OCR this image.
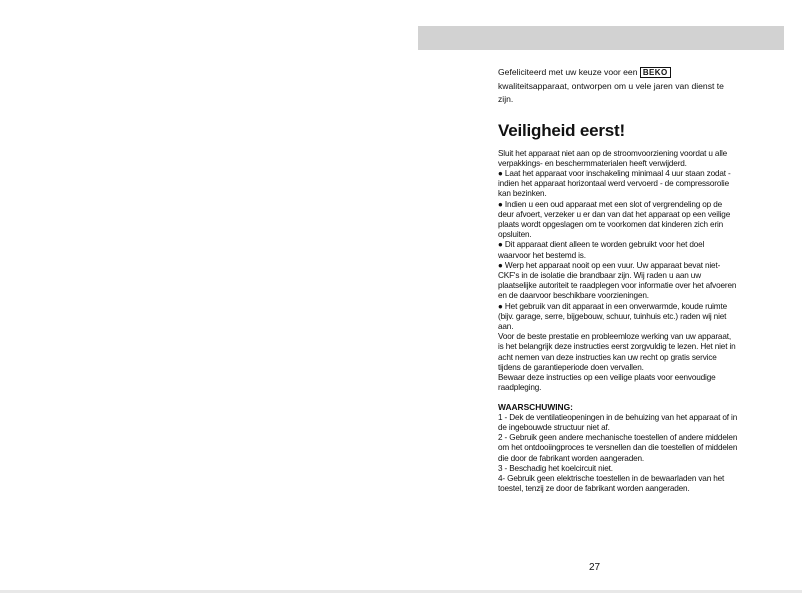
Gefeliciteerd met uw keuze voor een BEKO
kwaliteitsapparaat, ontworpen om u vele jaren van dienst te zijn.

Veiligheid eerst!

Sluit het apparaat niet aan op de stroomvoorziening voordat u alle verpakkings- en beschermmaterialen heeft verwijderd.

● Laat het apparaat voor inschakeling minimaal 4 uur staan zodat - indien het apparaat horizontaal werd vervoerd - de compressorolie kan bezinken.

● Indien u een oud apparaat met een slot of vergrendeling op de deur afvoert, verzeker u er dan van dat het apparaat op een veilige plaats wordt opgeslagen om te voorkomen dat kinderen zich erin opsluiten.

● Dit apparaat dient alleen te worden gebruikt voor het doel waarvoor het bestemd is.

● Werp het apparaat nooit op een vuur. Uw apparaat bevat niet-CKF's in de isolatie die brandbaar zijn. Wij raden u aan uw plaatselijke autoriteit te raadplegen voor informatie over het afvoeren en de daarvoor beschikbare voorzieningen.

● Het gebruik van dit apparaat in een onverwarmde, koude ruimte (bijv. garage, serre, bijgebouw, schuur, tuinhuis etc.) raden wij niet aan.

Voor de beste prestatie en probleemloze werking van uw apparaat, is het belangrijk deze instructies eerst zorgvuldig te lezen. Het niet in acht nemen van deze instructies kan uw recht op gratis service tijdens de garantieperiode doen vervallen.

Bewaar deze instructies op een veilige plaats voor eenvoudige raadpleging.

WAARSCHUWING:

1 - Dek de ventilatieopeningen in de behuizing van het apparaat of in de ingebouwde structuur niet af.

2 - Gebruik geen andere mechanische toestellen of andere middelen om het ontdooiingproces te versnellen dan die toestellen of middelen die door de fabrikant worden aangeraden.

3 - Beschadig het koelcircuit niet.

4- Gebruik geen elektrische toestellen in de bewaarladen van het toestel, tenzij ze door de fabrikant worden aangeraden.

27
